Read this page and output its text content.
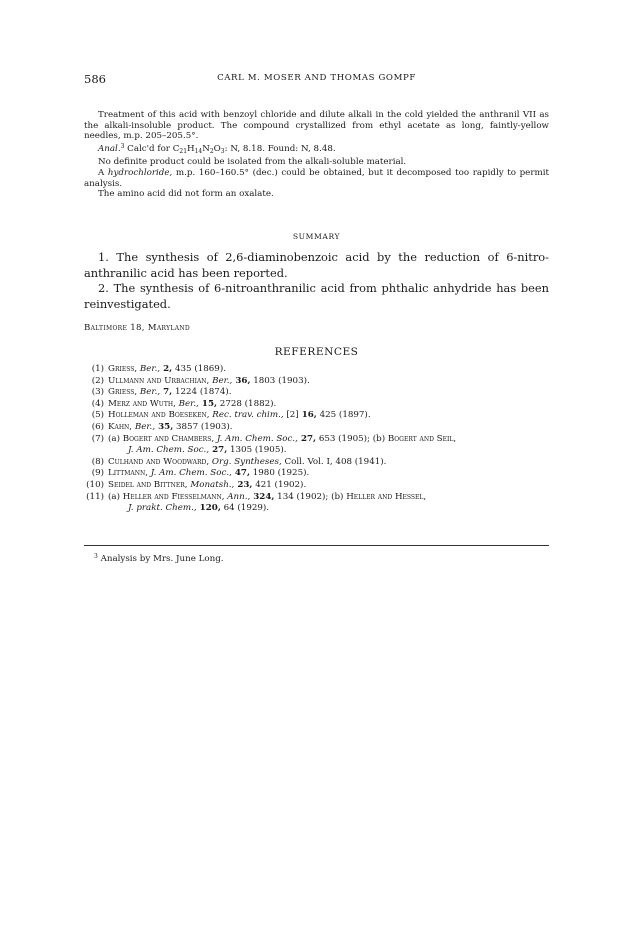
586	CARL M. MOSER AND THOMAS GOMPF

Treatment of this acid with benzoyl chloride and dilute alkali in the cold yielded the anthranil VII as the alkali-insoluble product. The compound crystallized from ethyl acetate as long, faintly-yellow needles, m.p. 205–205.5°.

Anal.$^3$ Calc'd for $C_{21}H_{14}N_2O_3$: N, 8.18. Found: N, 8.48.

No definite product could be isolated from the alkali-soluble material.

A hydrochloride, m.p. 160–160.5° (dec.) could be obtained, but it decomposed too rapidly to permit analysis.

The amino acid did not form an oxalate.

SUMMARY

1. The synthesis of 2,6-diaminobenzoic acid by the reduction of 6-nitro-anthranilic acid has been reported.

2. The synthesis of 6-nitroanthranilic acid from phthalic anhydride has been reinvestigated.

Baltimore 18, Maryland
REFERENCES
(1) Griess, Ber., 2, 435 (1869).
(2) Ullmann and Urbachian, Ber., 36, 1803 (1903).
(3) Griess, Ber., 7, 1224 (1874).
(4) Merz and Wuth, Ber., 15, 2728 (1882).
(5) Holleman and Boeseken, Rec. trav. chim., [2] 16, 425 (1897).
(6) Kahn, Ber., 35, 3857 (1903).
(7) (a) Bogert and Chambers, J. Am. Chem. Soc., 27, 653 (1905); (b) Bogert and Seil,
J. Am. Chem. Soc., 27, 1305 (1905).
(8) Culhand and Woodward, Org. Syntheses, Coll. Vol. I, 408 (1941).
(9) Littmann, J. Am. Chem. Soc., 47, 1980 (1925).
(10) Seidel and Bittner, Monatsh., 23, 421 (1902).
(11) (a) Heller and Fiesselmann, Ann., 324, 134 (1902); (b) Heller and Hessel,
J. prakt. Chem., 120, 64 (1929).
$^3$ Analysis by Mrs. June Long.
